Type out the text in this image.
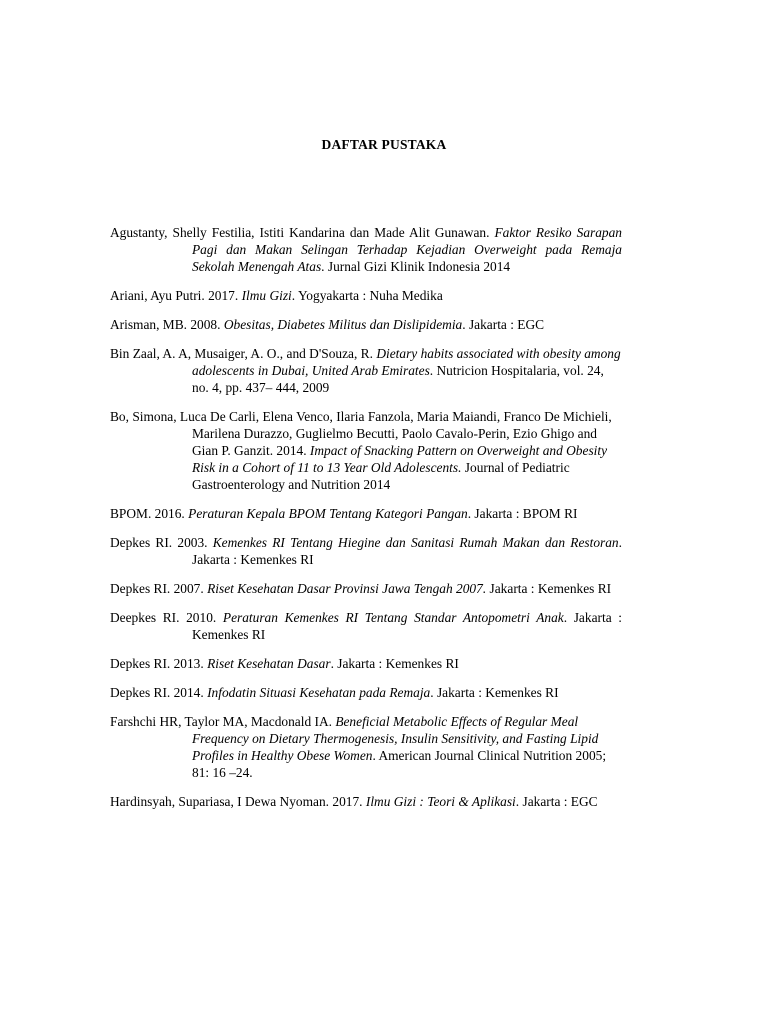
DAFTAR PUSTAKA

Agustanty, Shelly Festilia, Istiti Kandarina dan Made Alit Gunawan. Faktor Resiko Sarapan Pagi dan Makan Selingan Terhadap Kejadian Overweight pada Remaja Sekolah Menengah Atas. Jurnal Gizi Klinik Indonesia 2014

Ariani, Ayu Putri. 2017. Ilmu Gizi. Yogyakarta : Nuha Medika

Arisman, MB. 2008. Obesitas, Diabetes Militus dan Dislipidemia. Jakarta : EGC

Bin Zaal, A. A, Musaiger, A. O., and D'Souza, R. Dietary habits associated with obesity among adolescents in Dubai, United Arab Emirates. Nutricion Hospitalaria, vol. 24, no. 4, pp. 437– 444, 2009

Bo, Simona, Luca De Carli, Elena Venco, Ilaria Fanzola, Maria Maiandi, Franco De Michieli, Marilena Durazzo, Guglielmo Becutti, Paolo Cavalo-Perin, Ezio Ghigo and Gian P. Ganzit. 2014. Impact of Snacking Pattern on Overweight and Obesity Risk in a Cohort of 11 to 13 Year Old Adolescents. Journal of Pediatric Gastroenterology and Nutrition 2014

BPOM. 2016. Peraturan Kepala BPOM Tentang Kategori Pangan. Jakarta : BPOM RI

Depkes RI. 2003. Kemenkes RI Tentang Hiegine dan Sanitasi Rumah Makan dan Restoran. Jakarta : Kemenkes RI

Depkes RI. 2007. Riset Kesehatan Dasar Provinsi Jawa Tengah 2007. Jakarta : Kemenkes RI

Deepkes RI. 2010. Peraturan Kemenkes RI Tentang Standar Antopometri Anak. Jakarta : Kemenkes RI

Depkes RI. 2013. Riset Kesehatan Dasar. Jakarta : Kemenkes RI

Depkes RI. 2014. Infodatin Situasi Kesehatan pada Remaja. Jakarta : Kemenkes RI

Farshchi HR, Taylor MA, Macdonald IA. Beneficial Metabolic Effects of Regular Meal Frequency on Dietary Thermogenesis, Insulin Sensitivity, and Fasting Lipid Profiles in Healthy Obese Women. American Journal Clinical Nutrition 2005; 81: 16 –24.

Hardinsyah, Supariasa, I Dewa Nyoman. 2017. Ilmu Gizi : Teori & Aplikasi. Jakarta : EGC
